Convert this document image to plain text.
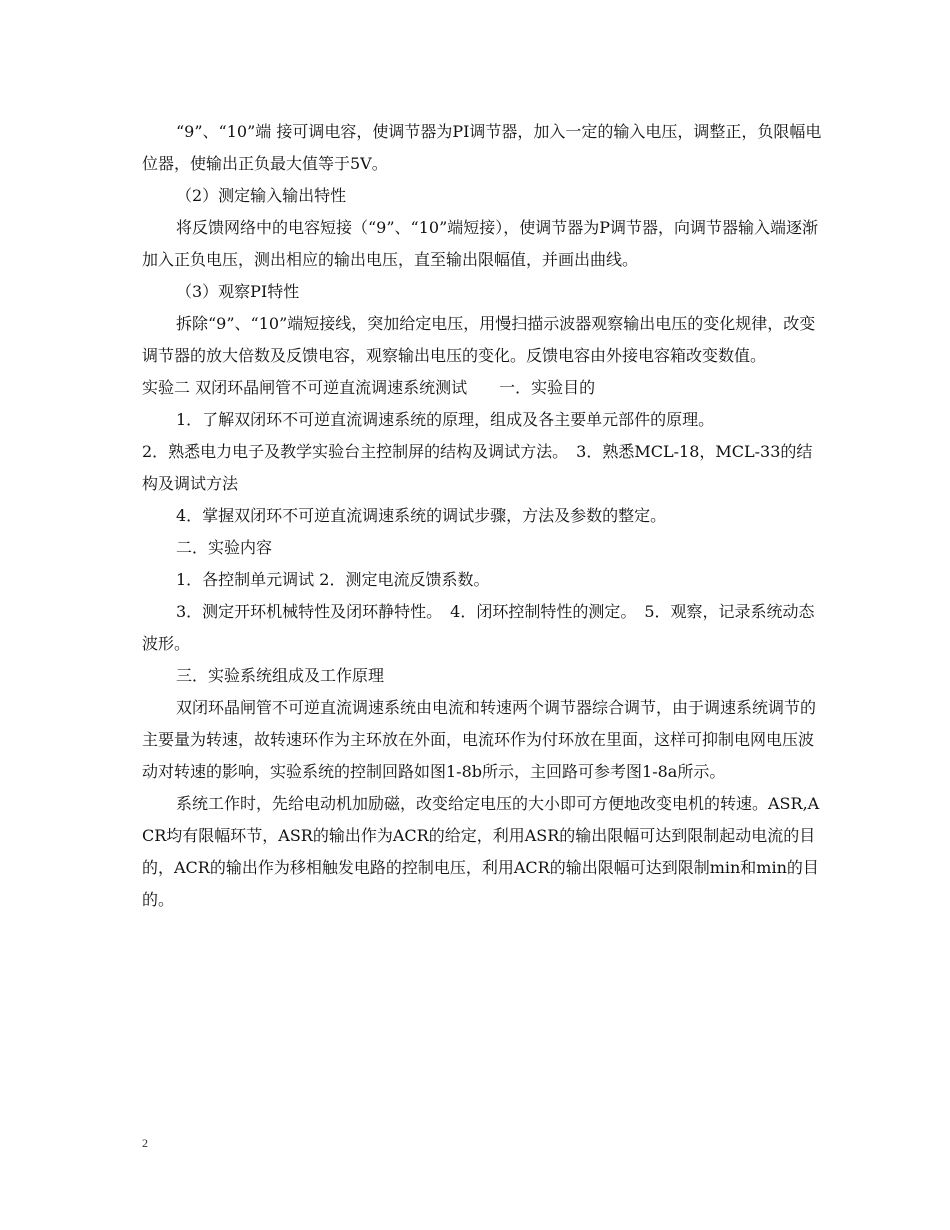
“9”、“10”端 接可调电容，使调节器为PI调节器，加入一定的输入电压，调整正，负限幅电位器，使输出正负最大值等于5V。

（2）测定输入输出特性

将反馈网络中的电容短接（“9”、“10”端短接），使调节器为P调节器，向调节器输入端逐渐加入正负电压，测出相应的输出电压，直至输出限幅值，并画出曲线。

（3）观察PI特性

拆除“9”、“10”端短接线，突加给定电压，用慢扫描示波器观察输出电压的变化规律，改变调节器的放大倍数及反馈电容，观察输出电压的变化。反馈电容由外接电容箱改变数值。

实验二 双闭环晶闸管不可逆直流调速系统测试　　一．实验目的

1．了解双闭环不可逆直流调速系统的原理，组成及各主要单元部件的原理。

2．熟悉电力电子及教学实验台主控制屏的结构及调试方法。　3．熟悉MCL-18，MCL-33的结构及调试方法

4．掌握双闭环不可逆直流调速系统的调试步骤，方法及参数的整定。

二．实验内容

1．各控制单元调试 2．测定电流反馈系数。

3．测定开环机械特性及闭环静特性。　4．闭环控制特性的测定。　5．观察，记录系统动态波形。

三．实验系统组成及工作原理

双闭环晶闸管不可逆直流调速系统由电流和转速两个调节器综合调节，由于调速系统调节的主要量为转速，故转速环作为主环放在外面，电流环作为付环放在里面，这样可抑制电网电压波动对转速的影响，实验系统的控制回路如图1-8b所示，主回路可参考图1-8a所示。

系统工作时，先给电动机加励磁，改变给定电压的大小即可方便地改变电机的转速。ASR,ACR均有限幅环节，ASR的输出作为ACR的给定，利用ASR的输出限幅可达到限制起动电流的目的，ACR的输出作为移相触发电路的控制电压，利用ACR的输出限幅可达到限制min和min的目的。

2
